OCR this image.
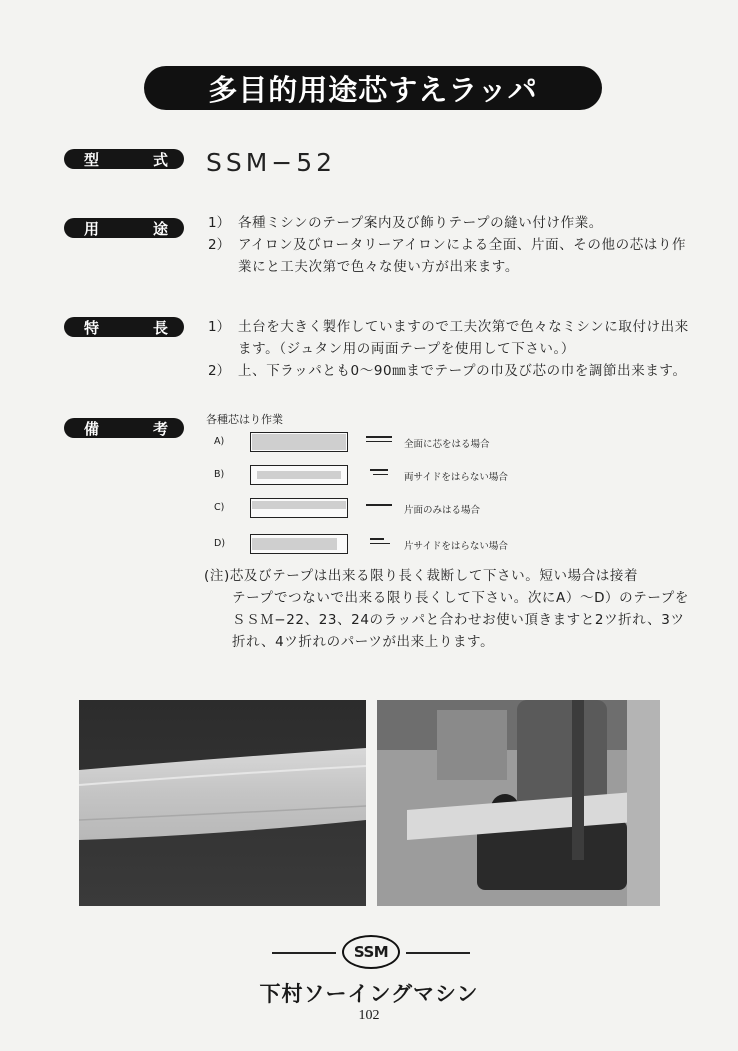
多目的用途芯すえラッパ
型	式 SSM−52
用	途	1） 各種ミシンのテープ案内及び飾りテープの縫い付け作業。
2） アイロン及びロータリーアイロンによる全面、片面、その他の芯はり作業にと工夫次第で色々な使い方が出来ます。
特	長	1） 土台を大きく製作していますので工夫次第で色々なミシンに取付け出来ます。（ジュタン用の両面テープを使用して下さい。）
2） 上、下ラッパとも0〜90㎜までテープの巾及び芯の巾を調節出来ます。
備	考	各種芯はり作業
A)	全面に芯をはる場合
B)	両サイドをはらない場合
C)	片面のみはる場合
D)	片サイドをはらない場合
(注)芯及びテープは出来る限り長く裁断して下さい。短い場合は接着
テープでつないで出来る限り長くして下さい。次にA）〜D）のテープをＳＳＭ−22、23、24のラッパと合わせお使い頂きますと2ツ折れ、3ツ折れ、4ツ折れのパーツが出来上ります。
SSM
下村ソーイングマシン
102
